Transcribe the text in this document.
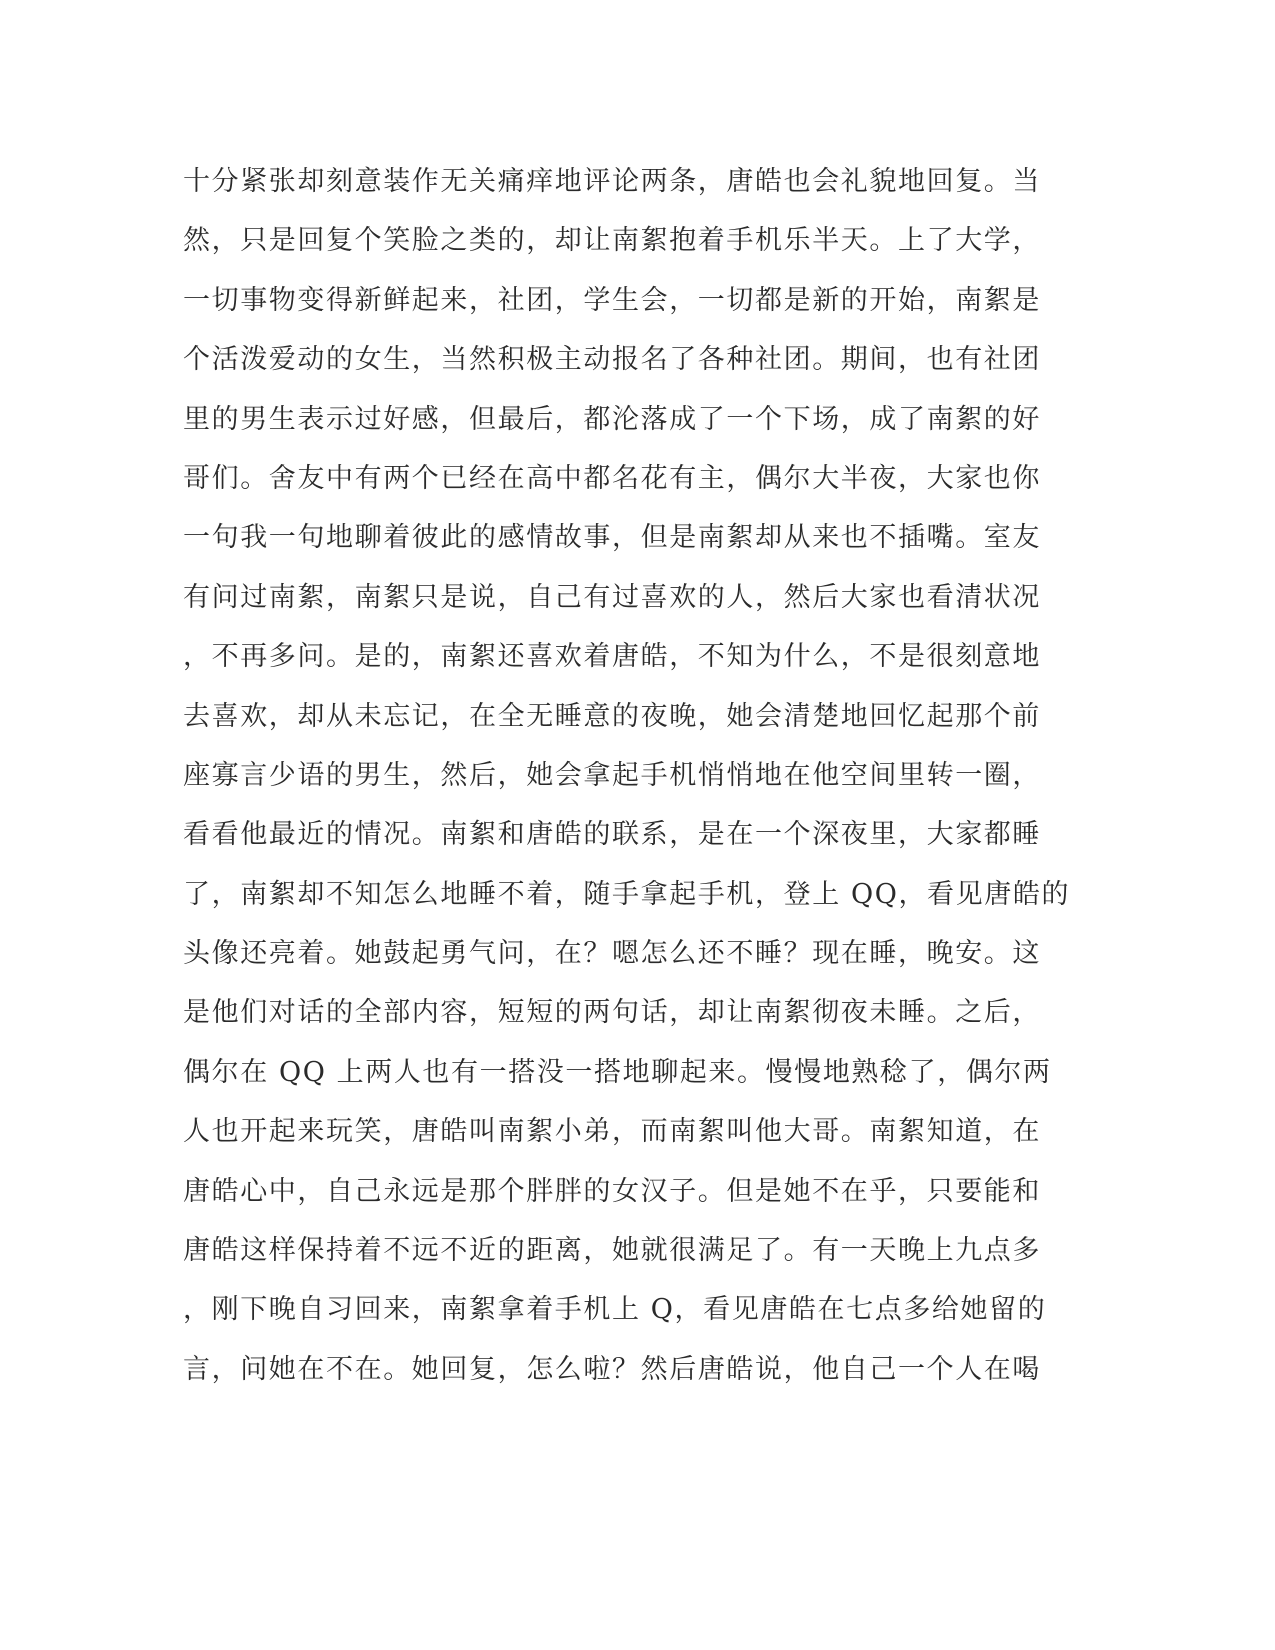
十分紧张却刻意装作无关痛痒地评论两条，唐皓也会礼貌地回复。当
然，只是回复个笑脸之类的，却让南絮抱着手机乐半天。上了大学，
一切事物变得新鲜起来，社团，学生会，一切都是新的开始，南絮是
个活泼爱动的女生，当然积极主动报名了各种社团。期间，也有社团
里的男生表示过好感，但最后，都沦落成了一个下场，成了南絮的好
哥们。舍友中有两个已经在高中都名花有主，偶尔大半夜，大家也你
一句我一句地聊着彼此的感情故事，但是南絮却从来也不插嘴。室友
有问过南絮，南絮只是说，自己有过喜欢的人，然后大家也看清状况
，不再多问。是的，南絮还喜欢着唐皓，不知为什么，不是很刻意地
去喜欢，却从未忘记，在全无睡意的夜晚，她会清楚地回忆起那个前
座寡言少语的男生，然后，她会拿起手机悄悄地在他空间里转一圈，
看看他最近的情况。南絮和唐皓的联系，是在一个深夜里，大家都睡
了，南絮却不知怎么地睡不着，随手拿起手机，登上 QQ，看见唐皓的
头像还亮着。她鼓起勇气问，在？嗯怎么还不睡？现在睡，晚安。这
是他们对话的全部内容，短短的两句话，却让南絮彻夜未睡。之后，
偶尔在 QQ 上两人也有一搭没一搭地聊起来。慢慢地熟稔了，偶尔两
人也开起来玩笑，唐皓叫南絮小弟，而南絮叫他大哥。南絮知道，在
唐皓心中，自己永远是那个胖胖的女汉子。但是她不在乎，只要能和
唐皓这样保持着不远不近的距离，她就很满足了。有一天晚上九点多
，刚下晚自习回来，南絮拿着手机上 Q，看见唐皓在七点多给她留的
言，问她在不在。她回复，怎么啦？然后唐皓说，他自己一个人在喝
